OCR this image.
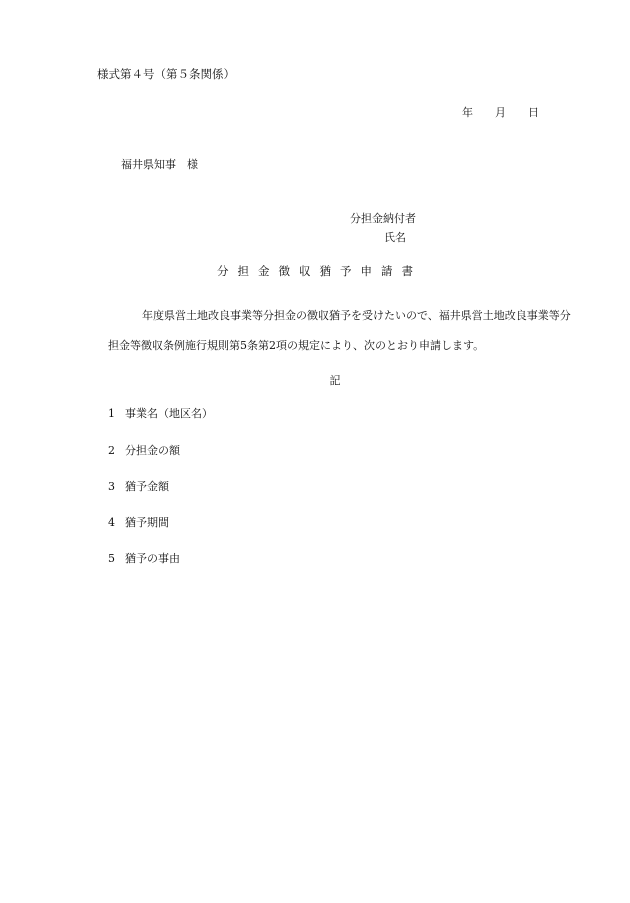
様式第４号（第５条関係）
年 月 日
福井県知事　様
分担金納付者
氏名
分担金徴収猶予申請書
年度県営土地改良事業等分担金の徴収猶予を受けたいので、福井県営土地改良事業等分担金等徴収条例施行規則第5条第2項の規定により、次のとおり申請します。
記
1 事業名（地区名）
2 分担金の額
3 猶予金額
4 猶予期間
5 猶予の事由
